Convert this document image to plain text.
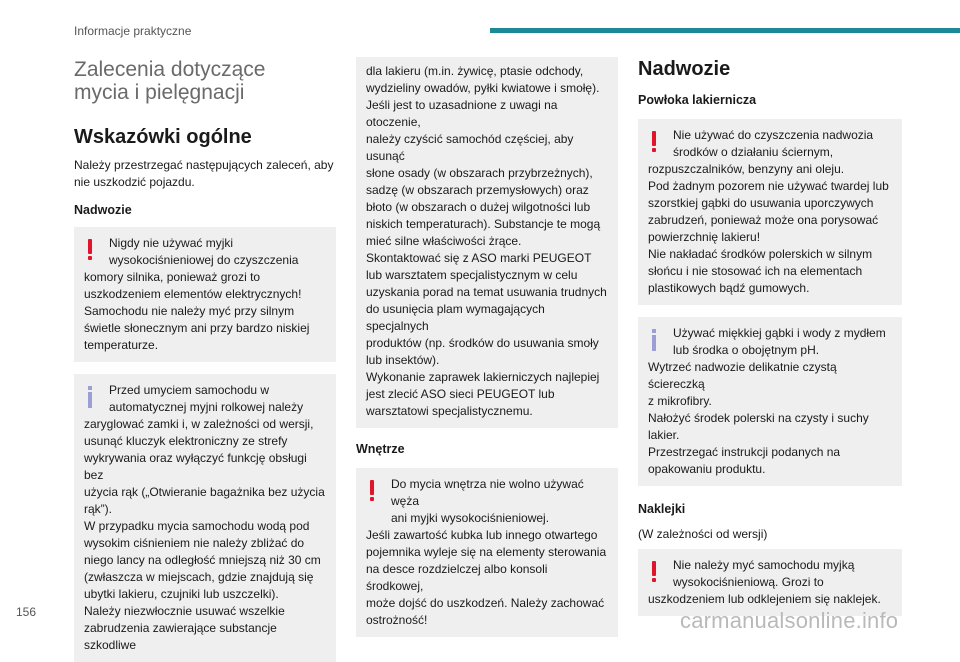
Informacje praktyczne
Zalecenia dotyczące
mycia i pielęgnacji
Wskazówki ogólne
Należy przestrzegać następujących zaleceń, aby nie uszkodzić pojazdu.
Nadwozie
Nigdy nie używać myjki
wysokociśnieniowej do czyszczenia
komory silnika, ponieważ grozi to
uszkodzeniem elementów elektrycznych!
Samochodu nie należy myć przy silnym
świetle słonecznym ani przy bardzo niskiej
temperaturze.
Przed umyciem samochodu w
automatycznej myjni rolkowej należy
zaryglować zamki i, w zależności od wersji,
usunąć kluczyk elektroniczny ze strefy
wykrywania oraz wyłączyć funkcję obsługi bez
użycia rąk („Otwieranie bagażnika bez użycia
rąk”).
W przypadku mycia samochodu wodą pod
wysokim ciśnieniem nie należy zbliżać do
niego lancy na odległość mniejszą niż 30 cm
(zwłaszcza w miejscach, gdzie znajdują się
ubytki lakieru, czujniki lub uszczelki).
Należy niezwłocznie usuwać wszelkie
zabrudzenia zawierające substancje szkodliwe
dla lakieru (m.in. żywicę, ptasie odchody,
wydzieliny owadów, pyłki kwiatowe i smołę).
Jeśli jest to uzasadnione z uwagi na otoczenie,
należy czyścić samochód częściej, aby usunąć
słone osady (w obszarach przybrzeżnych),
sadzę (w obszarach przemysłowych) oraz
błoto (w obszarach o dużej wilgotności lub
niskich temperaturach). Substancje te mogą
mieć silne właściwości żrące.
Skontaktować się z ASO marki PEUGEOT
lub warsztatem specjalistycznym w celu
uzyskania porad na temat usuwania trudnych
do usunięcia plam wymagających specjalnych
produktów (np. środków do usuwania smoły
lub insektów).
Wykonanie zaprawek lakierniczych najlepiej
jest zlecić ASO sieci PEUGEOT lub
warsztatowi specjalistycznemu.
Wnętrze
Do mycia wnętrza nie wolno używać węża
ani myjki wysokociśnieniowej.
Jeśli zawartość kubka lub innego otwartego
pojemnika wyleje się na elementy sterowania
na desce rozdzielczej albo konsoli środkowej,
może dojść do uszkodzeń. Należy zachować
ostrożność!
Nadwozie
Powłoka lakiernicza
Nie używać do czyszczenia nadwozia
środków o działaniu ściernym,
rozpuszczalników, benzyny ani oleju.
Pod żadnym pozorem nie używać twardej lub
szorstkiej gąbki do usuwania uporczywych
zabrudzeń, ponieważ może ona porysować
powierzchnię lakieru!
Nie nakładać środków polerskich w silnym
słońcu i nie stosować ich na elementach
plastikowych bądź gumowych.
Używać miękkiej gąbki i wody z mydłem
lub środka o obojętnym pH.
Wytrzeć nadwozie delikatnie czystą ściereczką
z mikrofibry.
Nałożyć środek polerski na czysty i suchy
lakier.
Przestrzegać instrukcji podanych na
opakowaniu produktu.
Naklejki
(W zależności od wersji)
Nie należy myć samochodu myjką
wysokociśnieniową. Grozi to
uszkodzeniem lub odklejeniem się naklejek.
156	carmanualsonline.info
